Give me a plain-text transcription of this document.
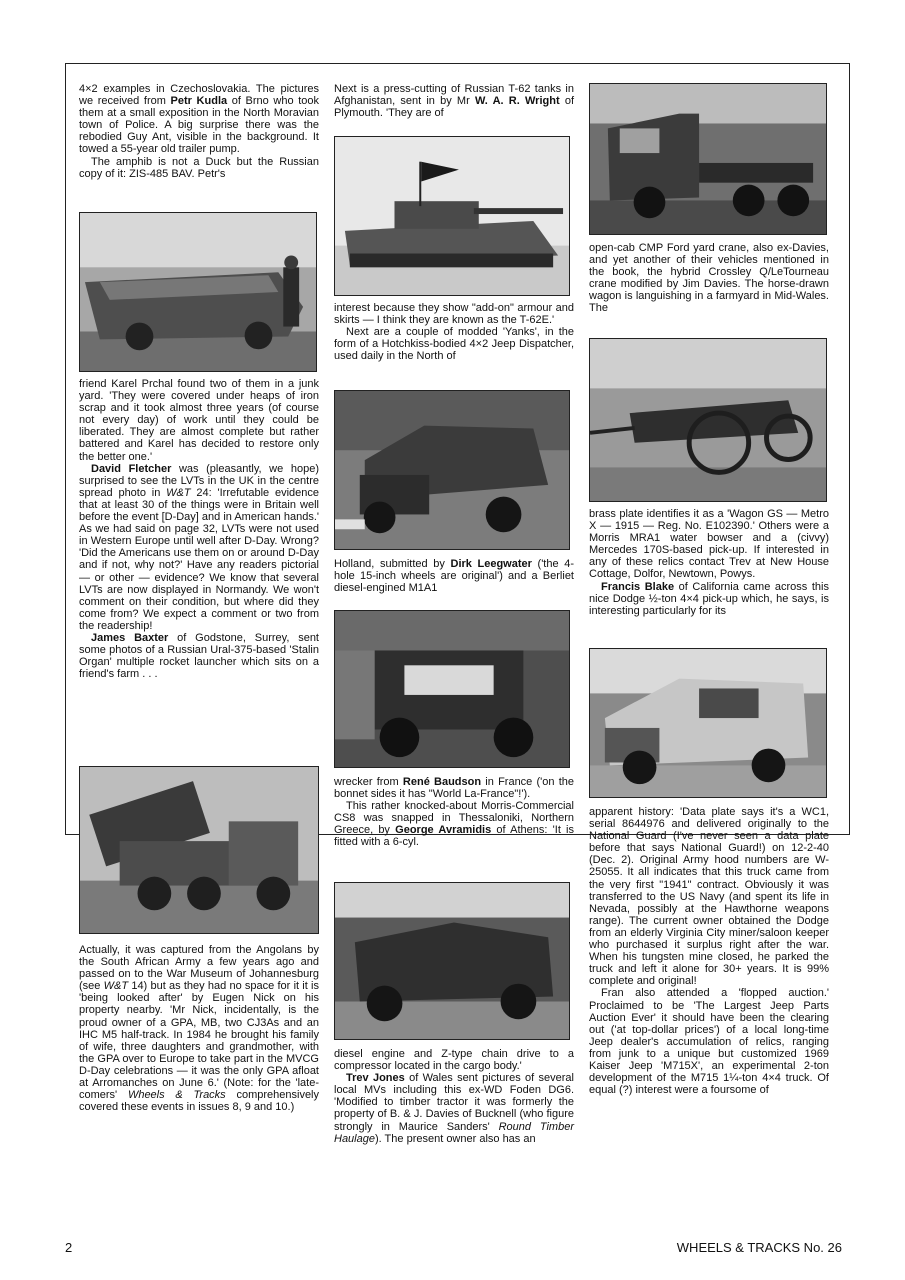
4×2 examples in Czechoslovakia. The pictures we received from Petr Kudla of Brno who took them at a small exposition in the North Moravian town of Police. A big surprise there was the rebodied Guy Ant, visible in the background. It towed a 55-year old trailer pump.

The amphib is not a Duck but the Russian copy of it: ZIS-485 BAV. Petr's

friend Karel Prchal found two of them in a junk yard. 'They were covered under heaps of iron scrap and it took almost three years (of course not every day) of work until they could be liberated. They are almost complete but rather battered and Karel has decided to restore only the better one.'

David Fletcher was (pleasantly, we hope) surprised to see the LVTs in the UK in the centre spread photo in W&T 24: 'Irrefutable evidence that at least 30 of the things were in Britain well before the event [D-Day] and in American hands.' As we had said on page 32, LVTs were not used in Western Europe until well after D-Day. Wrong? 'Did the Americans use them on or around D-Day and if not, why not?' Have any readers pictorial — or other — evidence? We know that several LVTs are now displayed in Normandy. We won't comment on their condition, but where did they come from? We expect a comment or two from the readership!

James Baxter of Godstone, Surrey, sent some photos of a Russian Ural-375-based 'Stalin Organ' multiple rocket launcher which sits on a friend's farm . . .

Actually, it was captured from the Angolans by the South African Army a few years ago and passed on to the War Museum of Johannesburg (see W&T 14) but as they had no space for it it is 'being looked after' by Eugen Nick on his property nearby. 'Mr Nick, incidentally, is the proud owner of a GPA, MB, two CJ3As and an IHC M5 half-track. In 1984 he brought his family of wife, three daughters and grandmother, with the GPA over to Europe to take part in the MVCG D-Day celebrations — it was the only GPA afloat at Arromanches on June 6.' (Note: for the 'late-comers' Wheels & Tracks comprehensively covered these events in issues 8, 9 and 10.)

Next is a press-cutting of Russian T-62 tanks in Afghanistan, sent in by Mr W. A. R. Wright of Plymouth. 'They are of

interest because they show "add-on" armour and skirts — I think they are known as the T-62E.'

Next are a couple of modded 'Yanks', in the form of a Hotchkiss-bodied 4×2 Jeep Dispatcher, used daily in the North of

Holland, submitted by Dirk Leegwater ('the 4-hole 15-inch wheels are original') and a Berliet diesel-engined M1A1

wrecker from René Baudson in France ('on the bonnet sides it has "World La-France"!').

This rather knocked-about Morris-Commercial CS8 was snapped in Thessaloniki, Northern Greece, by George Avramidis of Athens: 'It is fitted with a 6-cyl.

diesel engine and Z-type chain drive to a compressor located in the cargo body.'

Trev Jones of Wales sent pictures of several local MVs including this ex-WD Foden DG6. 'Modified to timber tractor it was formerly the property of B. & J. Davies of Bucknell (who figure strongly in Maurice Sanders' Round Timber Haulage). The present owner also has an

open-cab CMP Ford yard crane, also ex-Davies, and yet another of their vehicles mentioned in the book, the hybrid Crossley Q/LeTourneau crane modified by Jim Davies. The horse-drawn wagon is languishing in a farmyard in Mid-Wales. The

brass plate identifies it as a 'Wagon GS — Metro X — 1915 — Reg. No. E102390.' Others were a Morris MRA1 water bowser and a (civvy) Mercedes 170S-based pick-up. If interested in any of these relics contact Trev at New House Cottage, Dolfor, Newtown, Powys.

Francis Blake of California came across this nice Dodge ½-ton 4×4 pick-up which, he says, is interesting particularly for its

apparent history: 'Data plate says it's a WC1, serial 8644976 and delivered originally to the National Guard (I've never seen a data plate before that says National Guard!) on 12-2-40 (Dec. 2). Original Army hood numbers are W-25055. It all indicates that this truck came from the very first "1941" contract. Obviously it was transferred to the US Navy (and spent its life in Nevada, possibly at the Hawthorne weapons range). The current owner obtained the Dodge from an elderly Virginia City miner/saloon keeper who purchased it surplus right after the war. When his tungsten mine closed, he parked the truck and left it alone for 30+ years. It is 99% complete and original!

Fran also attended a 'flopped auction.' Proclaimed to be 'The Largest Jeep Parts Auction Ever' it should have been the clearing out ('at top-dollar prices') of a local long-time Jeep dealer's accumulation of relics, ranging from junk to a unique but customized 1969 Kaiser Jeep 'M715X', an experimental 2-ton development of the M715 1¼-ton 4×4 truck. Of equal (?) interest were a foursome of

2	WHEELS & TRACKS No. 26
